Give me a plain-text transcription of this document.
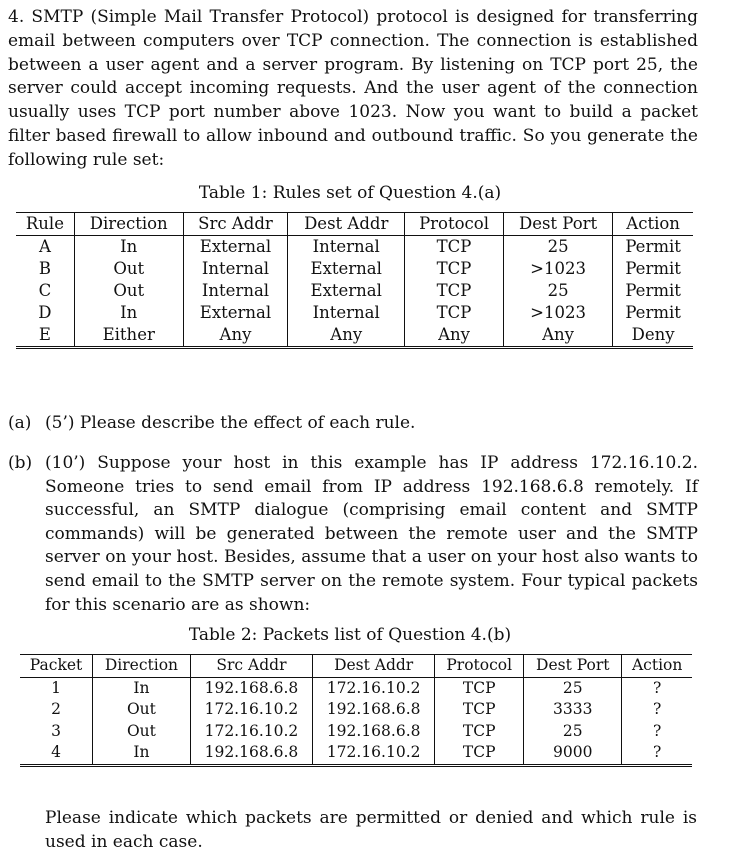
4. SMTP (Simple Mail Transfer Protocol) protocol is designed for transferring email between computers over TCP connection. The connection is established between a user agent and a server program. By listening on TCP port 25, the server could accept incoming requests. And the user agent of the connection usually uses TCP port number above 1023. Now you want to build a packet filter based firewall to allow inbound and outbound traffic. So you generate the following rule set:

Table 1: Rules set of Question 4.(a)

Rule	Direction	Src Addr	Dest Addr	Protocol	Dest Port	Action
A	In	External	Internal	TCP	25	Permit
B	Out	Internal	External	TCP	>1023	Permit
C	Out	Internal	External	TCP	25	Permit
D	In	External	Internal	TCP	>1023	Permit
E	Either	Any	Any	Any	Any	Deny
(a) (5’) Please describe the effect of each rule.
(b) (10’) Suppose your host in this example has IP address 172.16.10.2. Someone tries to send email from IP address 192.168.6.8 remotely. If successful, an SMTP dialogue (comprising email content and SMTP commands) will be generated between the remote user and the SMTP server on your host. Besides, assume that a user on your host also wants to send email to the SMTP server on the remote system. Four typical packets for this scenario are as shown:

Table 2: Packets list of Question 4.(b)

Packet	Direction	Src Addr	Dest Addr	Protocol	Dest Port	Action
1	In	192.168.6.8	172.16.10.2	TCP	25	?
2	Out	172.16.10.2	192.168.6.8	TCP	3333	?
3	Out	172.16.10.2	192.168.6.8	TCP	25	?
4	In	192.168.6.8	172.16.10.2	TCP	9000	?

Please indicate which packets are permitted or denied and which rule is used in each case.
